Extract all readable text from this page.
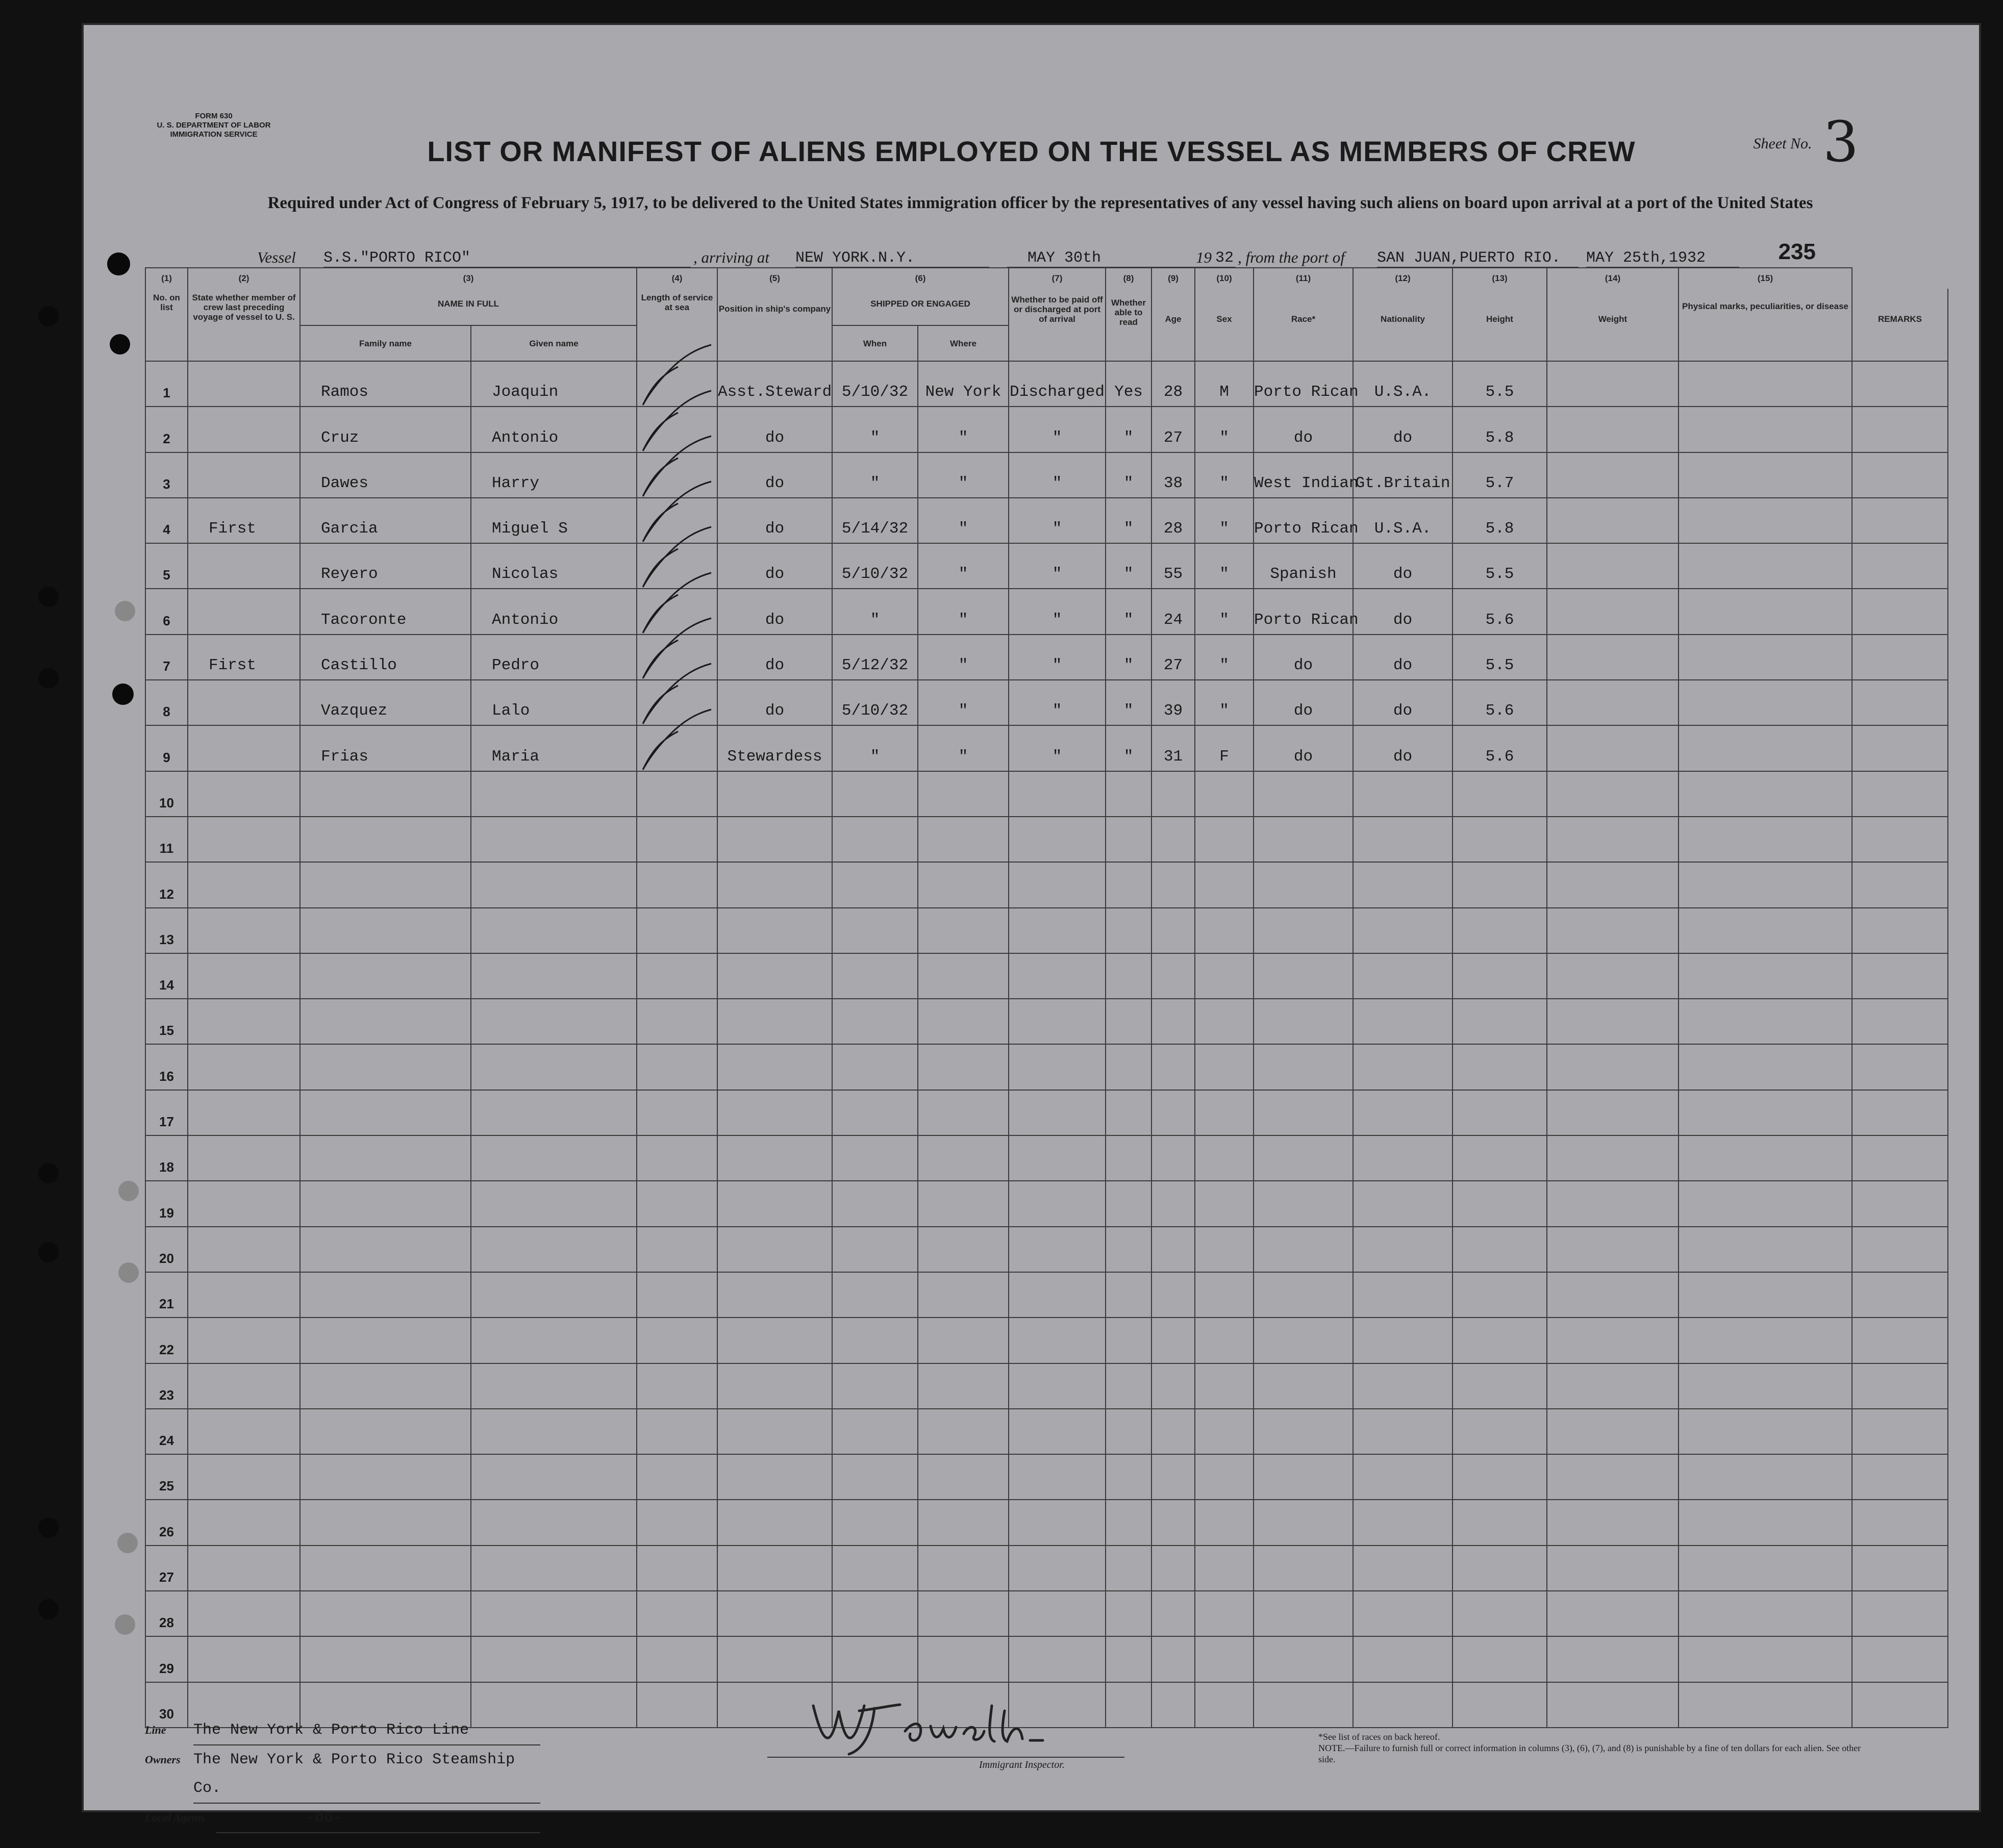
FORM 630
U. S. DEPARTMENT OF LABOR
IMMIGRATION SERVICE
Sheet No. 3
LIST OR MANIFEST OF ALIENS EMPLOYED ON THE VESSEL AS MEMBERS OF CREW
Required under Act of Congress of February 5, 1917, to be delivered to the United States immigration officer by the representatives of any vessel having such aliens on board upon arrival at a port of the United States
235
Vessel S.S."PORTO RICO"	, arriving at NEW YORK.N.Y.	MAY 30th	19 32 , from the port of SAN JUAN,PUERTO RIO.	MAY 25th,1932
(1)	(2)	(3)		(4)	(5)	(6)		(7)	(8)	(9)	(10)	(11)	(12)	(13)	(14)	(15)	
No. on list	State whether member of crew last preceding voyage of vessel to U. S.	NAME IN FULL		Length of service at sea	Position in ship's company	SHIPPED OR ENGAGED		Whether to be paid off or discharged at port of arrival	Whether able to read	Age	Sex	Race*	Nationality	Height	Weight	Physical marks, peculiarities, or disease	REMARKS
		Family name	Given name			When	Where										
1		Ramos	Joaquin		Asst.Steward	5/10/32	New York	Discharged	Yes	28	M	Porto Rican	U.S.A.	5.5			
2		Cruz	Antonio		do	"	"	"	"	27	"	do	do	5.8			
3		Dawes	Harry		do	"	"	"	"	38	"	West Indian	Gt.Britain	5.7			
4	First	Garcia	Miguel S		do	5/14/32	"	"	"	28	"	Porto Rican	U.S.A.	5.8			
5		Reyero	Nicolas		do	5/10/32	"	"	"	55	"	Spanish	do	5.5			
6		Tacoronte	Antonio		do	"	"	"	"	24	"	Porto Rican	do	5.6			
7	First	Castillo	Pedro		do	5/12/32	"	"	"	27	"	do	do	5.5			
8		Vazquez	Lalo		do	5/10/32	"	"	"	39	"	do	do	5.6			
9		Frias	Maria		Stewardess	"	"	"	"	31	F	do	do	5.6			
10																	
11																	
12																	
13																	
14																	
15																	
16																	
17																	
18																	
19																	
20																	
21																	
22																	
23																	
24																	
25																	
26																	
27																	
28																	
29																	
30																	
Line	The New York & Porto Rico Line
Owners The New York & Porto Rico Steamship Co.
Local Agents	-do-
Immigrant Inspector.
*See list of races on back hereof.
NOTE.—Failure to furnish full or correct information in columns (3), (6), (7), and (8) is punishable by a fine of ten dollars for each alien. See other side.
